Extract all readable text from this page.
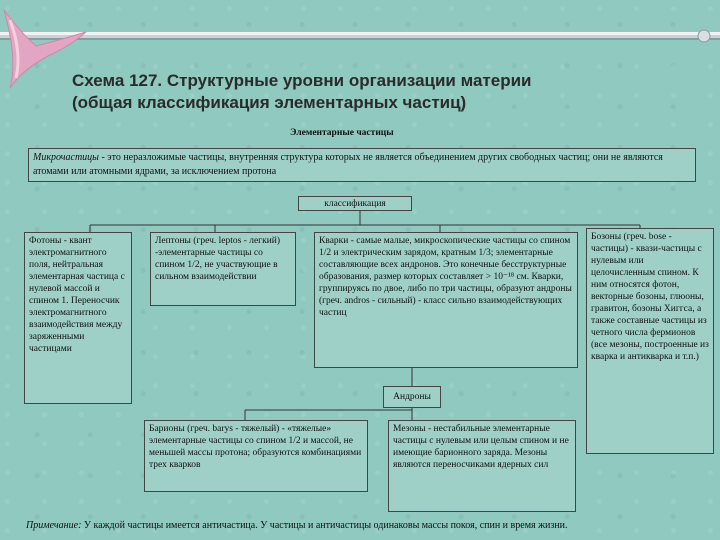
Схема 127. Структурные уровни организации материи
(общая классификация элементарных частиц)
Элементарные частицы
Микрочастицы - это неразложимые частицы, внутренняя структура которых не является объединением других свободных частиц; они не являются атомами или атомными ядрами, за исключением протона
классификация
Фотоны - квант электромагнитного поля, нейтральная элементарная частица с нулевой массой и спином 1. Переносчик электромагнитного взаимодействия между заряженными частицами
Лептоны (греч. leptos - легкий) -элементарные частицы со спином 1/2, не участвующие в сильном взаимодействии
Кварки - самые малые, микроскопические частицы со спином 1/2 и электрическим зарядом, кратным 1/3; элементарные составляющие всех андронов. Это конечные бесструктурные образования, размер которых составляет > 10⁻¹⁸ см. Кварки, группируясь по двое, либо по три частицы, образуют андроны (греч. andros - сильный) - класс сильно взаимодействующих частиц
Бозоны (греч. bose - частицы) - квази-частицы с нулевым или целочисленным спином. К ним относятся фотон, векторные бозоны, глюоны, гравитон, бозоны Хиггса, а также составные частицы из четного числа фермионов (все мезоны, построенные из кварка и антикварка и т.п.)
Андроны
Барионы (греч. barys - тяжелый) - «тяжелые» элементарные частицы со спином 1/2 и массой, не меньшей массы протона; образуются комбинациями трех кварков
Мезоны - нестабильные элементарные частицы с нулевым или целым спином и не имеющие барионного заряда. Мезоны являются переносчиками ядерных сил
Примечание: У каждой частицы имеется античастица. У частицы и античастицы одинаковы массы покоя, спин и время жизни.
